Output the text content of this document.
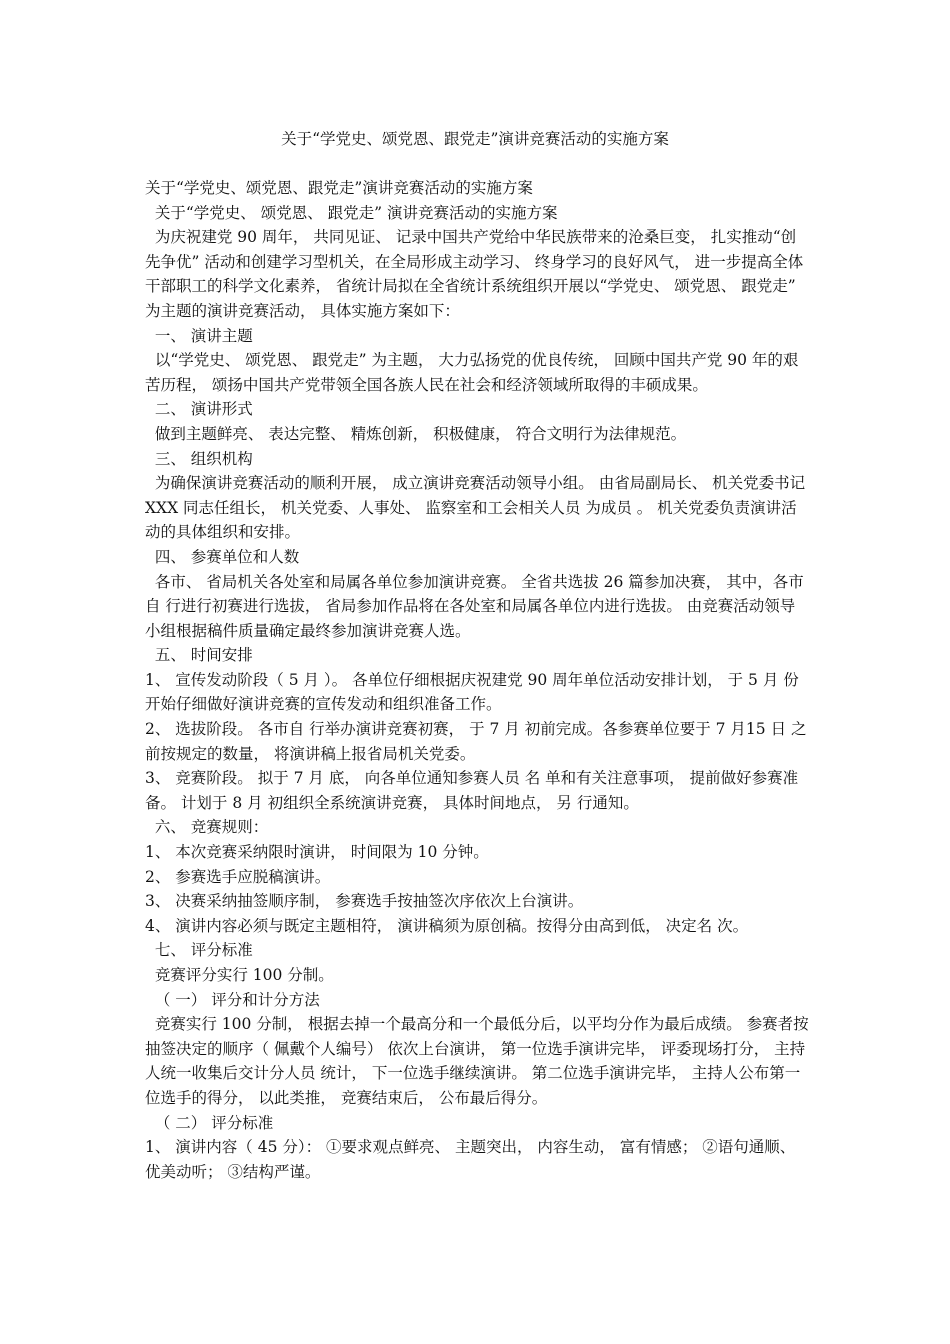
关于“学党史、颂党恩、跟党走”演讲竞赛活动的实施方案

关于“学党史、颂党恩、跟党走”演讲竞赛活动的实施方案

关于“学党史、 颂党恩、 跟党走” 演讲竞赛活动的实施方案

为庆祝建党 90 周年， 共同见证、 记录中国共产党给中华民族带来的沧桑巨变， 扎实推动“创先争优” 活动和创建学习型机关，在全局形成主动学习、 终身学习的良好风气， 进一步提高全体干部职工的科学文化素养， 省统计局拟在全省统计系统组织开展以“学党史、 颂党恩、 跟党走” 为主题的演讲竞赛活动， 具体实施方案如下：

一、 演讲主题

以“学党史、 颂党恩、 跟党走” 为主题， 大力弘扬党的优良传统， 回顾中国共产党 90 年的艰苦历程， 颂扬中国共产党带领全国各族人民在社会和经济领域所取得的丰硕成果。

二、 演讲形式

做到主题鲜亮、 表达完整、 精炼创新， 积极健康， 符合文明行为法律规范。

三、 组织机构

为确保演讲竞赛活动的顺利开展， 成立演讲竞赛活动领导小组。 由省局副局长、 机关党委书记 XXX 同志任组长， 机关党委、人事处、 监察室和工会相关人员 为成员 。 机关党委负责演讲活动的具体组织和安排。

四、 参赛单位和人数

各市、 省局机关各处室和局属各单位参加演讲竞赛。 全省共选拔 26 篇参加决赛， 其中，各市自 行进行初赛进行选拔， 省局参加作品将在各处室和局属各单位内进行选拔。 由竞赛活动领导小组根据稿件质量确定最终参加演讲竞赛人选。

五、 时间安排

1、 宣传发动阶段（ 5 月 ）。 各单位仔细根据庆祝建党 90 周年单位活动安排计划， 于 5 月 份开始仔细做好演讲竞赛的宣传发动和组织准备工作。

2、 选拔阶段。 各市自 行举办演讲竞赛初赛， 于 7 月 初前完成。各参赛单位要于 7 月15 日 之前按规定的数量， 将演讲稿上报省局机关党委。

3、 竞赛阶段。 拟于 7 月 底， 向各单位通知参赛人员 名 单和有关注意事项， 提前做好参赛准备。 计划于 8 月 初组织全系统演讲竞赛， 具体时间地点， 另 行通知。

六、 竞赛规则：

1、 本次竞赛采纳限时演讲， 时间限为 10 分钟。

2、 参赛选手应脱稿演讲。

3、 决赛采纳抽签顺序制， 参赛选手按抽签次序依次上台演讲。

4、 演讲内容必须与既定主题相符， 演讲稿须为原创稿。按得分由高到低， 决定名 次。

七、 评分标准

竞赛评分实行 100 分制。

（ 一） 评分和计分方法

竞赛实行 100 分制， 根据去掉一个最高分和一个最低分后，以平均分作为最后成绩。 参赛者按抽签决定的顺序（ 佩戴个人编号） 依次上台演讲， 第一位选手演讲完毕， 评委现场打分， 主持人统一收集后交计分人员 统计， 下一位选手继续演讲。 第二位选手演讲完毕， 主持人公布第一位选手的得分， 以此类推， 竞赛结束后， 公布最后得分。

（ 二） 评分标准

1、 演讲内容（ 45 分）： ①要求观点鲜亮、 主题突出， 内容生动， 富有情感； ②语句通顺、 优美动听； ③结构严谨。
